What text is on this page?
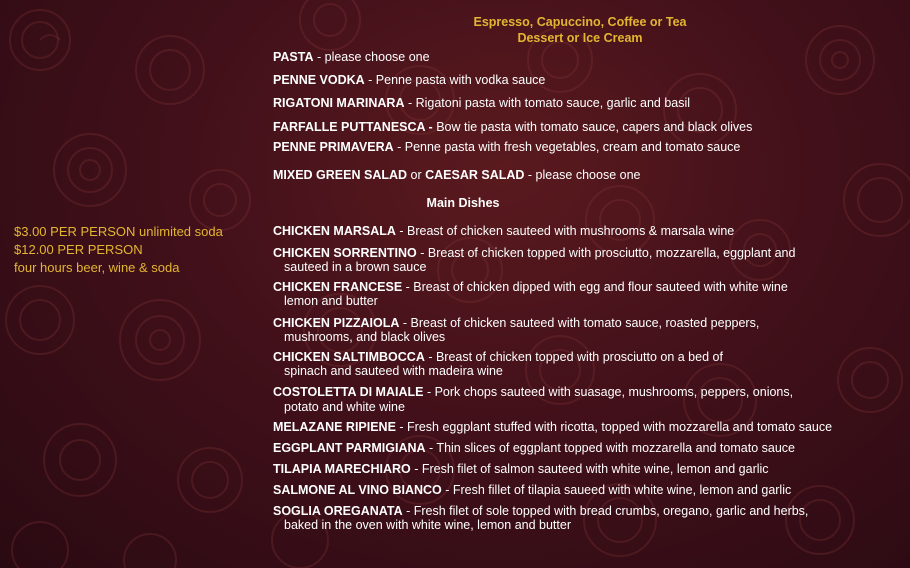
Espresso, Capuccino, Coffee or Tea
Dessert or Ice Cream
$3.00 PER PERSON unlimited soda
$12.00 PER PERSON
four hours beer, wine & soda
PASTA - please choose one
PENNE VODKA - Penne pasta with vodka sauce
RIGATONI MARINARA - Rigatoni pasta with tomato sauce, garlic and basil
FARFALLE PUTTANESCA - Bow tie pasta with tomato sauce, capers and black olives
PENNE PRIMAVERA - Penne pasta with fresh vegetables, cream and tomato sauce
MIXED GREEN SALAD or CAESAR SALAD - please choose one
Main Dishes
CHICKEN MARSALA - Breast of chicken sauteed with mushrooms & marsala wine
CHICKEN SORRENTINO - Breast of chicken topped with prosciutto, mozzarella, eggplant and
sauteed in a brown sauce
CHICKEN FRANCESE - Breast of chicken dipped with egg and flour sauteed with white wine
lemon and butter
CHICKEN PIZZAIOLA - Breast of chicken sauteed with tomato sauce, roasted peppers,
mushrooms, and black olives
CHICKEN SALTIMBOCCA - Breast of chicken topped with prosciutto on a bed of
spinach and sauteed with madeira wine
COSTOLETTA DI MAIALE - Pork chops sauteed with suasage, mushrooms, peppers, onions,
potato and white wine
MELAZANE RIPIENE - Fresh eggplant stuffed with ricotta, topped with mozzarella and tomato sauce
EGGPLANT PARMIGIANA - Thin slices of eggplant topped with mozzarella and tomato sauce
TILAPIA MARECHIARO - Fresh filet of salmon sauteed with white wine, lemon and garlic
SALMONE AL VINO BIANCO - Fresh fillet of tilapia saueed with white wine, lemon and garlic
SOGLIA OREGANATA - Fresh filet of sole topped with bread crumbs, oregano, garlic and herbs,
baked in the oven with white wine, lemon and butter
